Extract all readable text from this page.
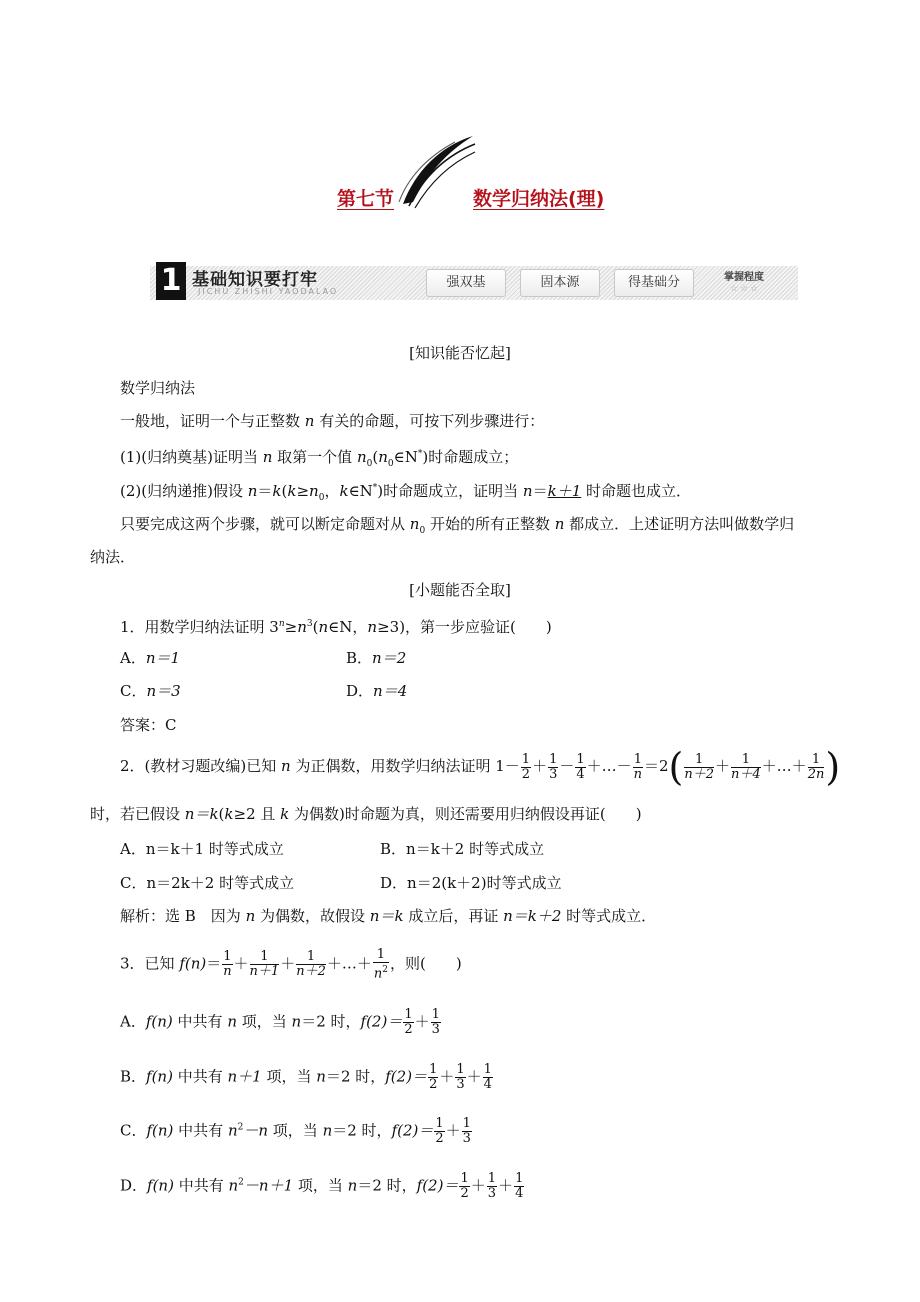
第七节	数学归纳法(理)
1 基础知识要打牢
JICHU ZHISHI YAODALAO
强双基	固本源	得基础分	掌握程度
☆☆☆
[知识能否忆起]
数学归纳法
一般地，证明一个与正整数 n 有关的命题，可按下列步骤进行：
(1)(归纳奠基)证明当 n 取第一个值 $n_0(n_0\in N^*)$时命题成立；
(2)(归纳递推)假设 $n=k(k\ge n_0$，k∈N*)时命题成立，证明当 n＝k＋1 时命题也成立．
只要完成这两个步骤，就可以断定命题对从 $n_0$ 开始的所有正整数 n 都成立．上述证明方法叫做数学归
纳法．
[小题能否全取]
1．用数学归纳法证明 $3^n\ge n^3(n\in N$，n≥3)，第一步应验证(　　)
A．n＝1	B．n＝2
C．n＝3	D．n＝4
答案：C
2．(教材习题改编)已知 n 为正偶数，用数学归纳法证明 $1- \frac{1}{2} + \frac{1}{3} - \frac{1}{4}$ ＋…－ $\frac{1}{n}=2( \frac{1}{n+2}+$ $\frac{1}{n+4}+\dots+ \frac{1}{2n}$)
时，若已假设 n＝k(k≥2 且 k 为偶数)时命题为真，则还需要用归纳假设再证(　　)
A．n＝k＋1 时等式成立	B．n＝k＋2 时等式成立
C．n＝2k＋2 时等式成立	D．n＝2(k＋2)时等式成立
解析：选 B　因为 n 为偶数，故假设 n＝k 成立后，再证 n＝k＋2 时等式成立．
3．已知 $f(n)= \frac{1}{n}+ \frac{1}{n+1}+$ $\frac{1}{n+2}+\dots+ \frac{1}{n^2}$ ，则(　　)
A．f(n) 中共有 n 项，当 n＝2 时，$f(2)= \frac{1}{2} + \frac{1}{3}$
B．f(n) 中共有 n＋1 项，当 n＝2 时，$f(2)= \frac{1}{2} + \frac{1}{3} + \frac{1}{4}$
C．f(n) 中共有 $n^2-n$ 项，当 n＝2 时，$f(2)= \frac{1}{2} + \frac{1}{3}$
D．f(n) 中共有 $n^2-n+1$ 项，当 n＝2 时，$f(2)= \frac{1}{2} + \frac{1}{3} + \frac{1}{4}$
